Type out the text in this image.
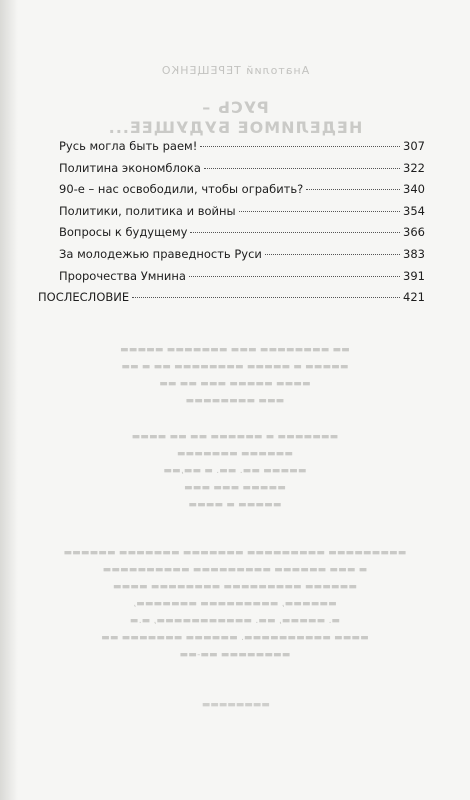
Анатолий ТЕРЕЩЕНКО
РУСЬ –
НЕДЕЛИМОЕ БУДУЩЕЕ...
▬▬ ▬▬▬▬▬▬▬▬ ▬▬▬ ▬▬▬▬▬▬▬ ▬▬▬▬▬
▬▬▬▬▬ ▬ ▬▬▬▬▬ ▬▬▬▬▬▬▬▬ ▬▬ ▬ ▬▬
▬▬▬▬ ▬▬▬▬▬ ▬▬▬ ▬▬ ▬▬
▬▬▬ ▬▬▬▬▬▬▬▬
▬▬▬▬▬▬▬ ▬ ▬▬▬▬▬▬ ▬▬ ▬▬ ▬▬▬▬
▬▬▬▬▬▬ ▬▬▬▬▬▬▬
▬▬▬▬▬ ▬▬. ▬▬. ▬ ▬▬,▬▬
▬▬▬▬▬ ▬▬▬ ▬▬▬
▬▬▬▬▬ ▬ ▬▬▬▬
▬▬▬▬▬▬▬▬▬ ▬▬▬▬▬▬▬▬▬ ▬▬▬▬▬▬▬ ▬▬▬▬▬▬▬ ▬▬▬▬▬▬
▬ ▬▬▬ ▬▬▬▬▬▬ ▬▬▬▬▬▬▬▬▬ ▬▬▬▬▬▬▬▬▬▬
▬▬▬▬▬▬ ▬▬▬▬▬▬▬▬▬ ▬▬▬▬▬▬▬▬ ▬▬▬▬
▬▬▬▬▬▬, ▬▬▬▬▬▬▬▬▬ ▬▬▬▬▬▬▬,
▬. ▬▬▬▬▬, ▬▬. ▬▬▬▬▬▬▬▬▬▬▬, ▬.▬
▬▬▬▬ ▬▬▬▬▬▬▬▬▬▬. ▬▬▬▬▬▬ ▬▬▬▬▬▬▬ ▬▬
▬▬▬▬▬▬▬▬ ▬▬-▬▬
▬▬▬▬▬▬▬▬
Русь могла быть раем!	307
Политина экономблока	322
90-е – нас освободили, чтобы ограбить?	340
Политики, политика и войны	354
Вопросы к будущему	366
За молодежью праведность Руси	383
Пророчества Умнина	391
ПОСЛЕСЛОВИЕ	421
